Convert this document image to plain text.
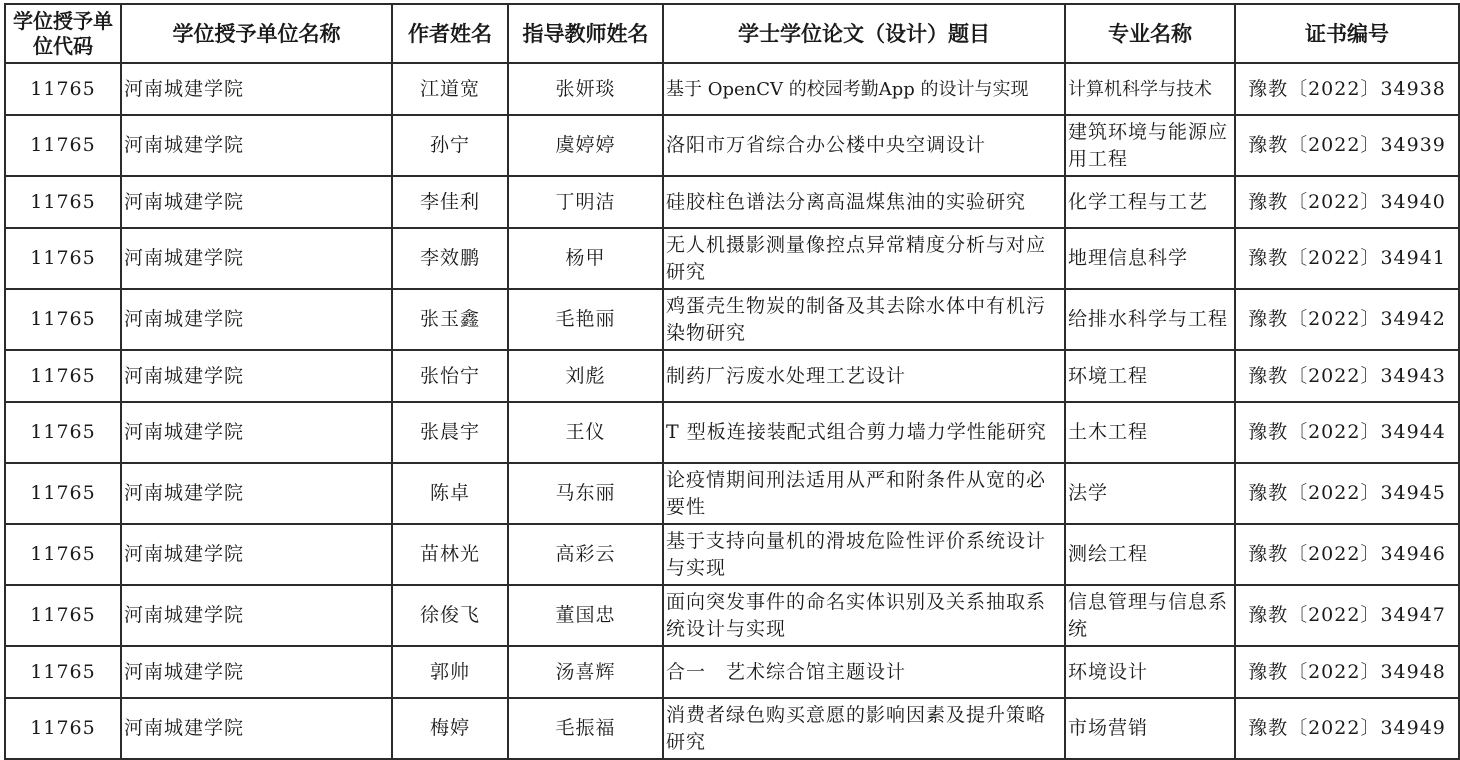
学位授予单位代码	学位授予单位名称	作者姓名	指导教师姓名	学士学位论文（设计）题目	专业名称	证书编号
11765	河南城建学院	江道宽	张妍琰	基于 OpenCV 的校园考勤App 的设计与实现	计算机科学与技术	豫教〔2022〕34938
11765	河南城建学院	孙宁	虞婷婷	洛阳市万省综合办公楼中央空调设计	建筑环境与能源应用工程	豫教〔2022〕34939
11765	河南城建学院	李佳利	丁明洁	硅胶柱色谱法分离高温煤焦油的实验研究	化学工程与工艺	豫教〔2022〕34940
11765	河南城建学院	李效鹏	杨甲	无人机摄影测量像控点异常精度分析与对应研究	地理信息科学	豫教〔2022〕34941
11765	河南城建学院	张玉鑫	毛艳丽	鸡蛋壳生物炭的制备及其去除水体中有机污染物研究	给排水科学与工程	豫教〔2022〕34942
11765	河南城建学院	张怡宁	刘彪	制药厂污废水处理工艺设计	环境工程	豫教〔2022〕34943
11765	河南城建学院	张晨宇	王仪	T 型板连接装配式组合剪力墙力学性能研究	土木工程	豫教〔2022〕34944
11765	河南城建学院	陈卓	马东丽	论疫情期间刑法适用从严和附条件从宽的必要性	法学	豫教〔2022〕34945
11765	河南城建学院	苗林光	高彩云	基于支持向量机的滑坡危险性评价系统设计与实现	测绘工程	豫教〔2022〕34946
11765	河南城建学院	徐俊飞	董国忠	面向突发事件的命名实体识别及关系抽取系统设计与实现	信息管理与信息系统	豫教〔2022〕34947
11765	河南城建学院	郭帅	汤喜辉	合一　艺术综合馆主题设计	环境设计	豫教〔2022〕34948
11765	河南城建学院	梅婷	毛振福	消费者绿色购买意愿的影响因素及提升策略研究	市场营销	豫教〔2022〕34949
